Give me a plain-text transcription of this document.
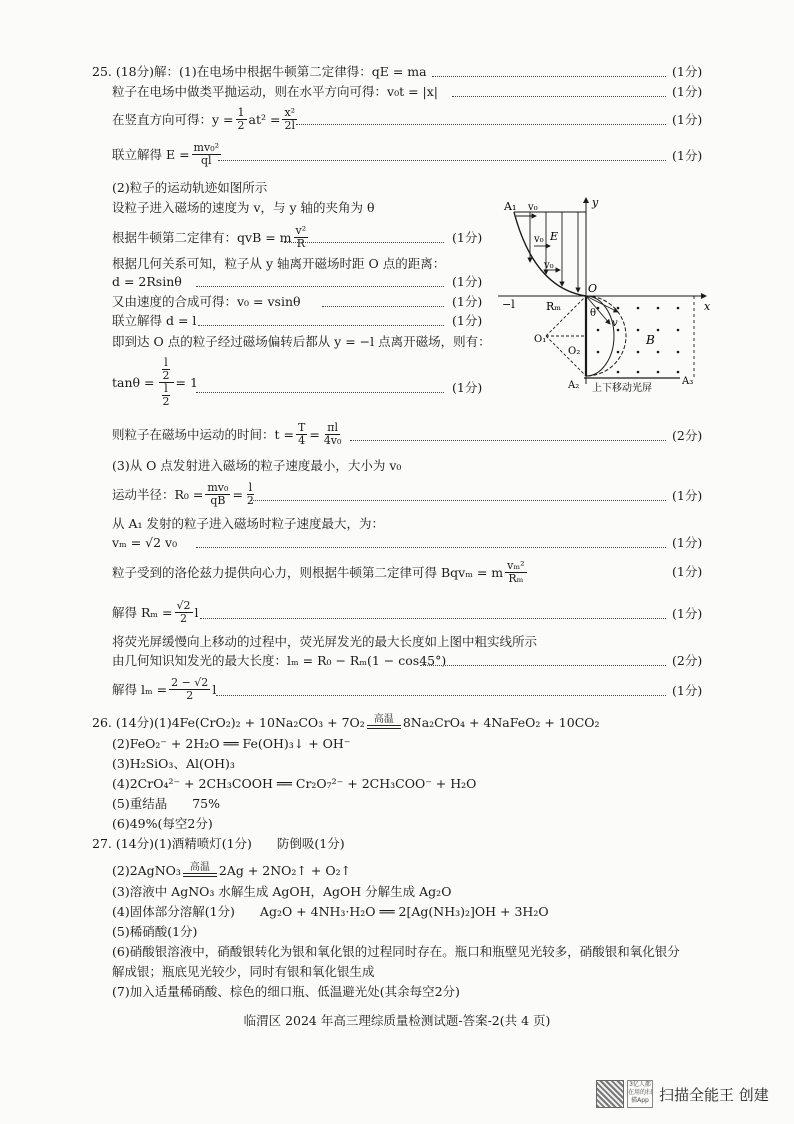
25. (18分)解：(1)在电场中根据牛顿第二定律得：qE = ma	(1分)
粒子在电场中做类平抛运动，则在水平方向可得：v₀t = |x|	(1分)
在竖直方向可得：$y = \frac{1}{2} at^2 = \frac{\text{x²}}{2l}$	(1分)
联立解得 $E = \frac{\text{mv₀²}}{ql}$	(1分)
(2)粒子的运动轨迹如图所示
设粒子进入磁场的速度为 v，与 y 轴的夹角为 θ
根据牛顿第二定律有：qvB = m $\frac{\text{v²}}{R}$	(1分)
根据几何关系可知，粒子从 y 轴离开磁场时距 O 点的距离：
d = 2Rsinθ	(1分)
又由速度的合成可得：v₀ = vsinθ	(1分)
联立解得 d = l	(1分)
即到达 O 点的粒子经过磁场偏转后都从 y = −l 点离开磁场，则有：
$\tan\theta = \frac{\frac{l}{2}}{\frac{l}{2}} = 1$	(1分)
则粒子在磁场中运动的时间：$t = \frac{T}{4} = \frac{\pi l}{\text{4v₀}}$	(2分)
(3)从 O 点发射进入磁场的粒子速度最小，大小为 v₀
运动半径：$R_0 = \frac{\text{mv₀}}{qB} = \frac{l}{2}$	(1分)
从 A₁ 发射的粒子进入磁场时粒子速度最大，为：
vₘ = √2 v₀	(1分)
粒子受到的洛伦兹力提供向心力，则根据牛顿第二定律可得 Bqvₘ = m $\frac{\text{vₘ²}}{\text{Rₘ}}$	(1分)
解得 $R_m = \frac{√2}{2}$ l	(1分)
将荧光屏缓慢向上移动的过程中，荧光屏发光的最大长度如上图中粗实线所示
由几何知识知发光的最大长度：lₘ = R₀ − Rₘ(1 − cos45°)	(2分)
解得 $l_m = \frac{2 - √2}{2}$ l	(1分)
26. (14分)(1)4Fe(CrO₂)₂ + 10Na₂CO₃ + 7O₂ 高温 8Na₂CrO₄ + 4NaFeO₂ + 10CO₂
(2)FeO₂⁻ + 2H₂O ══ Fe(OH)₃↓ + OH⁻
(3)H₂SiO₃、Al(OH)₃
(4)2CrO₄²⁻ + 2CH₃COOH ══ Cr₂O₇²⁻ + 2CH₃COO⁻ + H₂O
(5)重结晶　　75%
(6)49%(每空2分)
27. (14分)(1)酒精喷灯(1分)　　防倒吸(1分)
(2)2AgNO₃ 高温 2Ag + 2NO₂↑ + O₂↑
(3)溶液中 AgNO₃ 水解生成 AgOH，AgOH 分解生成 Ag₂O
(4)固体部分溶解(1分)　　Ag₂O + 4NH₃·H₂O ══ 2[Ag(NH₃)₂]OH + 3H₂O
(5)稀硝酸(1分)
(6)硝酸银溶液中，硝酸银转化为银和氧化银的过程同时存在。瓶口和瓶壁见光较多，硝酸银和氧化银分
解成银；瓶底见光较少，同时有银和氧化银生成
(7)加入适量稀硝酸、棕色的细口瓶、低温避光处(其余每空2分)
临渭区 2024 年高三理综质量检测试题-答案-2(共 4 页)
3亿人都在用的扫描App 扫描全能王 创建
A₁ v₀	y
x
v₀ E
v₀
O
−l	Rₘ
θ
v
O₁
O₂
B
A₂	A₃
上下移动光屏
